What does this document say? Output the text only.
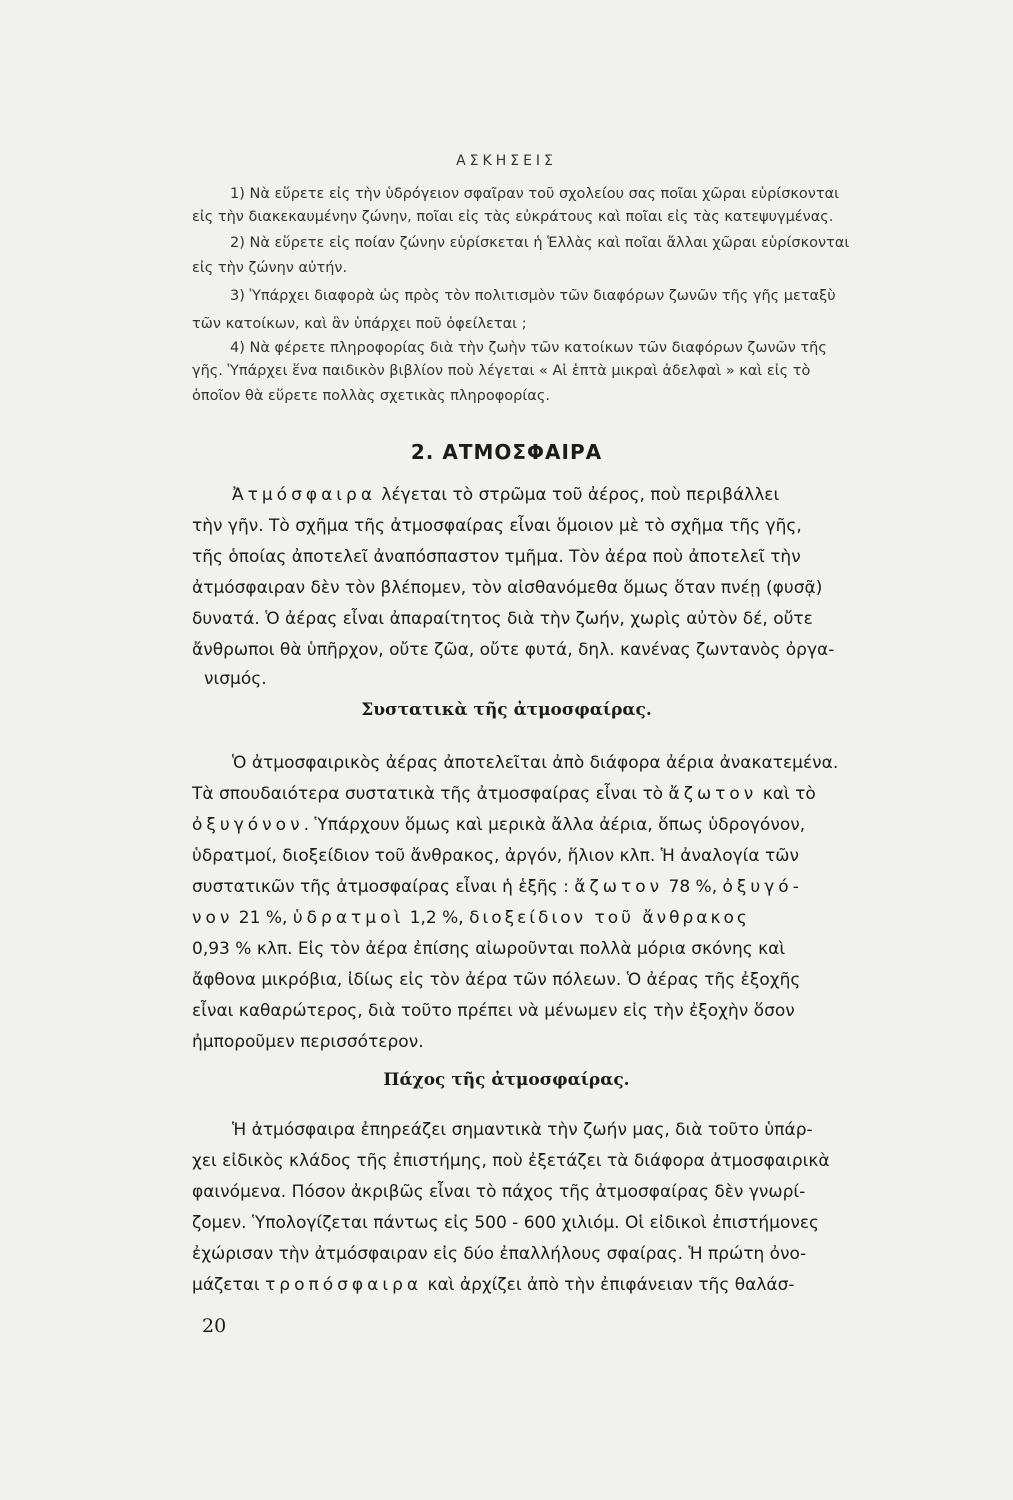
ΑΣΚΗΣΕΙΣ
1) Νὰ εὕρετε εἰς τὴν ὑδρόγειον σφαῖραν τοῦ σχολείου σας ποῖαι χῶραι εὑρίσκονται
εἰς τὴν διακεκαυμένην ζώνην, ποῖαι εἰς τὰς εὐκράτους καὶ ποῖαι εἰς τὰς κατεψυγμένας.
2) Νὰ εὕρετε εἰς ποίαν ζώνην εὑρίσκεται ἡ Ἑλλὰς καὶ ποῖαι ἄλλαι χῶραι εὑρίσκονται
εἰς τὴν ζώνην αὐτήν.
3) Ὑπάρχει διαφορὰ ὡς πρὸς τὸν πολιτισμὸν τῶν διαφόρων ζωνῶν τῆς γῆς μεταξὺ
τῶν κατοίκων, καὶ ἂν ὑπάρχει ποῦ ὀφείλεται ;
4) Νὰ φέρετε πληροφορίας διὰ τὴν ζωὴν τῶν κατοίκων τῶν διαφόρων ζωνῶν τῆς
γῆς. Ὑπάρχει ἕνα παιδικὸν βιβλίον ποὺ λέγεται « Αἱ ἑπτὰ μικραὶ ἀδελφαὶ » καὶ εἰς τὸ
ὁποῖον θὰ εὕρετε πολλὰς σχετικὰς πληροφορίας.
2. ΑΤΜΟΣΦΑΙΡΑ
Ἀτμόσφαιρα λέγεται τὸ στρῶμα τοῦ ἀέρος, ποὺ περιβάλλει
τὴν γῆν. Τὸ σχῆμα τῆς ἀτμοσφαίρας εἶναι ὅμοιον μὲ τὸ σχῆμα τῆς γῆς,
τῆς ὁποίας ἀποτελεῖ ἀναπόσπαστον τμῆμα. Τὸν ἀέρα ποὺ ἀποτελεῖ τὴν
ἀτμόσφαιραν δὲν τὸν βλέπομεν, τὸν αἰσθανόμεθα ὅμως ὅταν πνέῃ (φυσᾷ)
δυνατά. Ὁ ἀέρας εἶναι ἀπαραίτητος διὰ τὴν ζωήν, χωρὶς αὐτὸν δέ, οὔτε
ἄνθρωποι θὰ ὑπῆρχον, οὔτε ζῶα, οὔτε φυτά, δηλ. κανένας ζωντανὸς ὀργα-
νισμός.
Συστατικὰ τῆς ἀτμοσφαίρας.
Ὁ ἀτμοσφαιρικὸς ἀέρας ἀποτελεῖται ἀπὸ διάφορα ἀέρια ἀνακατεμένα.
Τὰ σπουδαιότερα συστατικὰ τῆς ἀτμοσφαίρας εἶναι τὸ ἄζωτον καὶ τὸ
ὀξυγόνον. Ὑπάρχουν ὅμως καὶ μερικὰ ἄλλα ἀέρια, ὅπως ὑδρογόνον,
ὑδρατμοί, διοξείδιον τοῦ ἄνθρακος, ἀργόν, ἥλιον κλπ. Ἡ ἀναλογία τῶν
συστατικῶν τῆς ἀτμοσφαίρας εἶναι ἡ ἑξῆς : ἄζωτον 78 %, ὀξυγό-
νον 21 %, ὑδρατμοὶ 1,2 %, διοξείδιον τοῦ ἄνθρακος
0,93 % κλπ. Εἰς τὸν ἀέρα ἐπίσης αἰωροῦνται πολλὰ μόρια σκόνης καὶ
ἄφθονα μικρόβια, ἰδίως εἰς τὸν ἀέρα τῶν πόλεων. Ὁ ἀέρας τῆς ἐξοχῆς
εἶναι καθαρώτερος, διὰ τοῦτο πρέπει νὰ μένωμεν εἰς τὴν ἐξοχὴν ὅσον
ἠμποροῦμεν περισσότερον.
Πάχος τῆς ἀτμοσφαίρας.
Ἡ ἀτμόσφαιρα ἐπηρεάζει σημαντικὰ τὴν ζωήν μας, διὰ τοῦτο ὑπάρ-
χει εἰδικὸς κλάδος τῆς ἐπιστήμης, ποὺ ἐξετάζει τὰ διάφορα ἀτμοσφαιρικὰ
φαινόμενα. Πόσον ἀκριβῶς εἶναι τὸ πάχος τῆς ἀτμοσφαίρας δὲν γνωρί-
ζομεν. Ὑπολογίζεται πάντως εἰς 500 - 600 χιλιόμ. Οἱ εἰδικοὶ ἐπιστήμονες
ἐχώρισαν τὴν ἀτμόσφαιραν εἰς δύο ἐπαλλήλους σφαίρας. Ἡ πρώτη ὀνο-
μάζεται τροπόσφαιρα καὶ ἀρχίζει ἀπὸ τὴν ἐπιφάνειαν τῆς θαλάσ-
20
